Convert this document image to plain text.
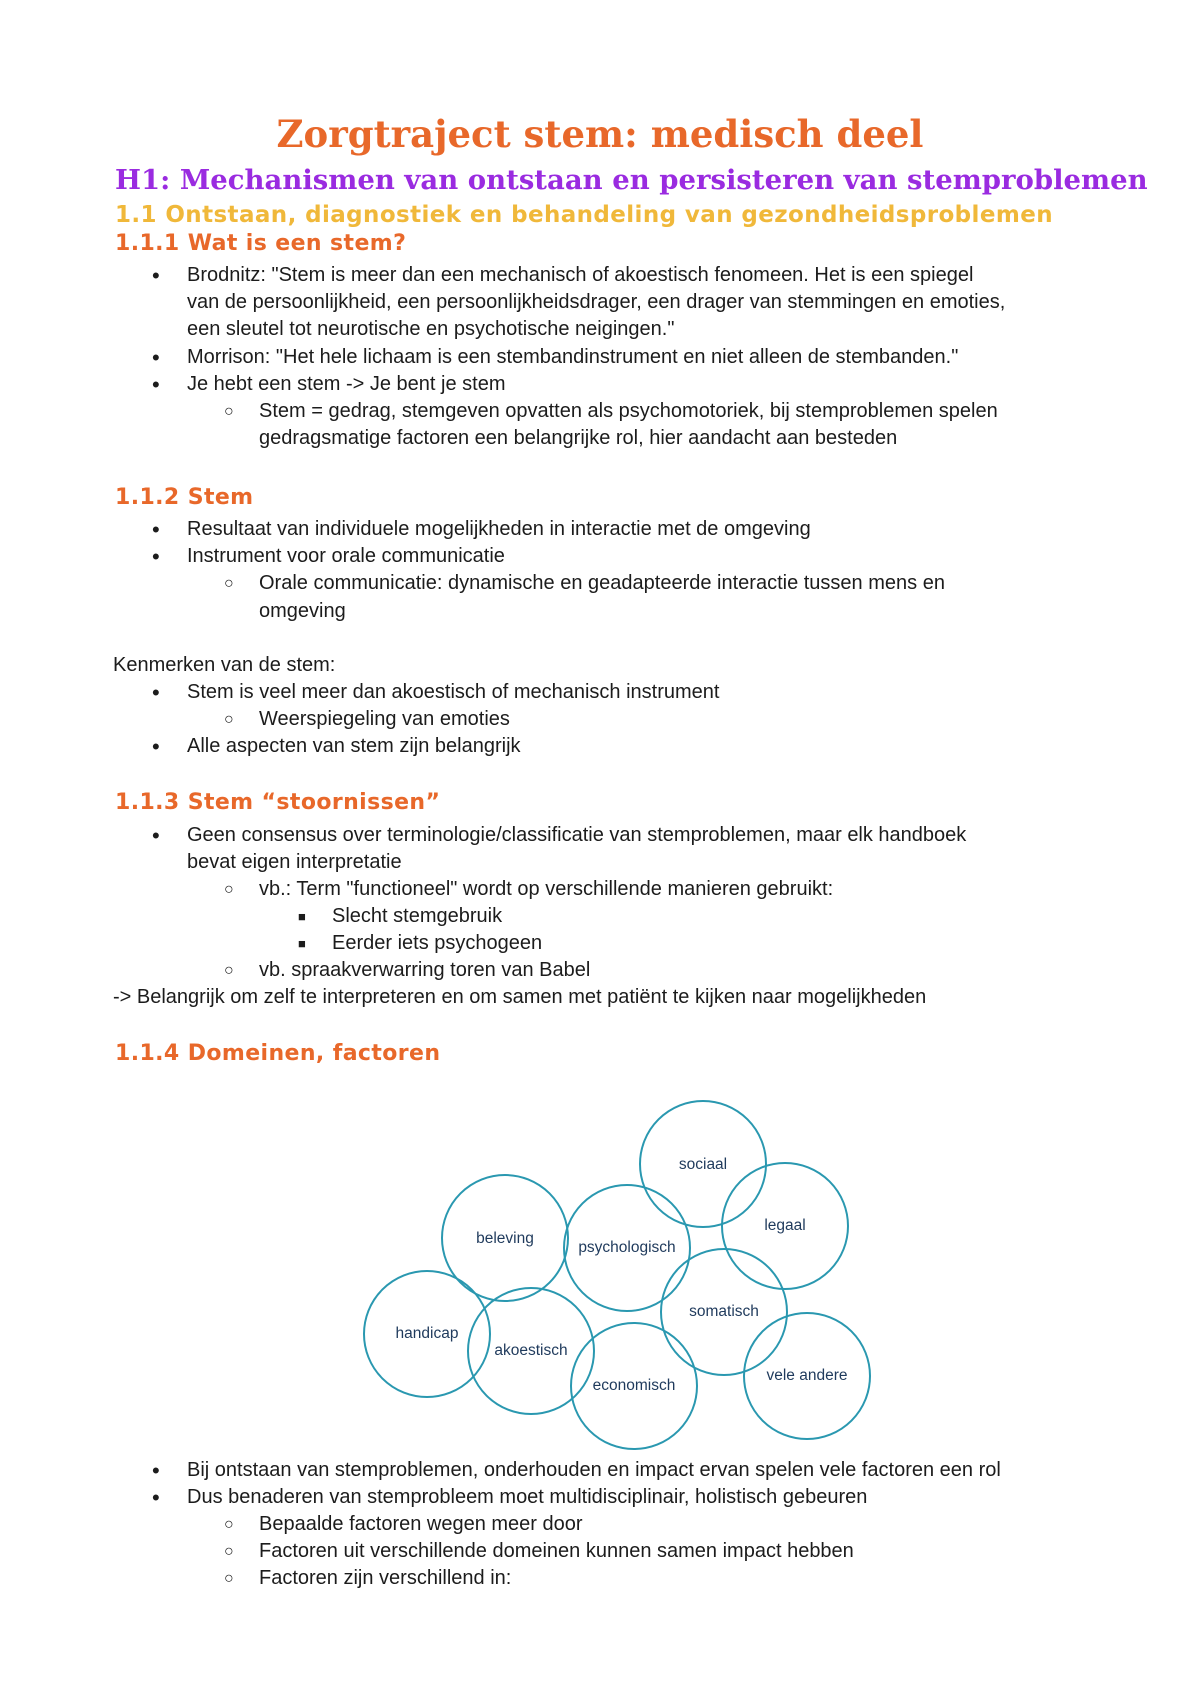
Zorgtraject stem: medisch deel
H1: Mechanismen van ontstaan en persisteren van stemproblemen
1.1 Ontstaan, diagnostiek en behandeling van gezondheidsproblemen
1.1.1 Wat is een stem?
• Brodnitz: "Stem is meer dan een mechanisch of akoestisch fenomeen. Het is een spiegel
van de persoonlijkheid, een persoonlijkheidsdrager, een drager van stemmingen en emoties,
een sleutel tot neurotische en psychotische neigingen."
• Morrison: "Het hele lichaam is een stembandinstrument en niet alleen de stembanden."
• Je hebt een stem -> Je bent je stem
○ Stem = gedrag, stemgeven opvatten als psychomotoriek, bij stemproblemen spelen
gedragsmatige factoren een belangrijke rol, hier aandacht aan besteden
1.1.2 Stem
• Resultaat van individuele mogelijkheden in interactie met de omgeving
• Instrument voor orale communicatie
○ Orale communicatie: dynamische en geadapteerde interactie tussen mens en
omgeving
Kenmerken van de stem:
• Stem is veel meer dan akoestisch of mechanisch instrument
○ Weerspiegeling van emoties
• Alle aspecten van stem zijn belangrijk
1.1.3 Stem “stoornissen”
• Geen consensus over terminologie/classificatie van stemproblemen, maar elk handboek
bevat eigen interpretatie
○ vb.: Term "functioneel" wordt op verschillende manieren gebruikt:
■ Slecht stemgebruik
■ Eerder iets psychogeen
○ vb. spraakverwarring toren van Babel
-> Belangrijk om zelf te interpreteren en om samen met patiënt te kijken naar mogelijkheden
1.1.4 Domeinen, factoren
sociaal
beleving
psychologisch
legaal
handicap
akoestisch
somatisch
economisch
vele andere
• Bij ontstaan van stemproblemen, onderhouden en impact ervan spelen vele factoren een rol
• Dus benaderen van stemprobleem moet multidisciplinair, holistisch gebeuren
○ Bepaalde factoren wegen meer door
○ Factoren uit verschillende domeinen kunnen samen impact hebben
○ Factoren zijn verschillend in:
